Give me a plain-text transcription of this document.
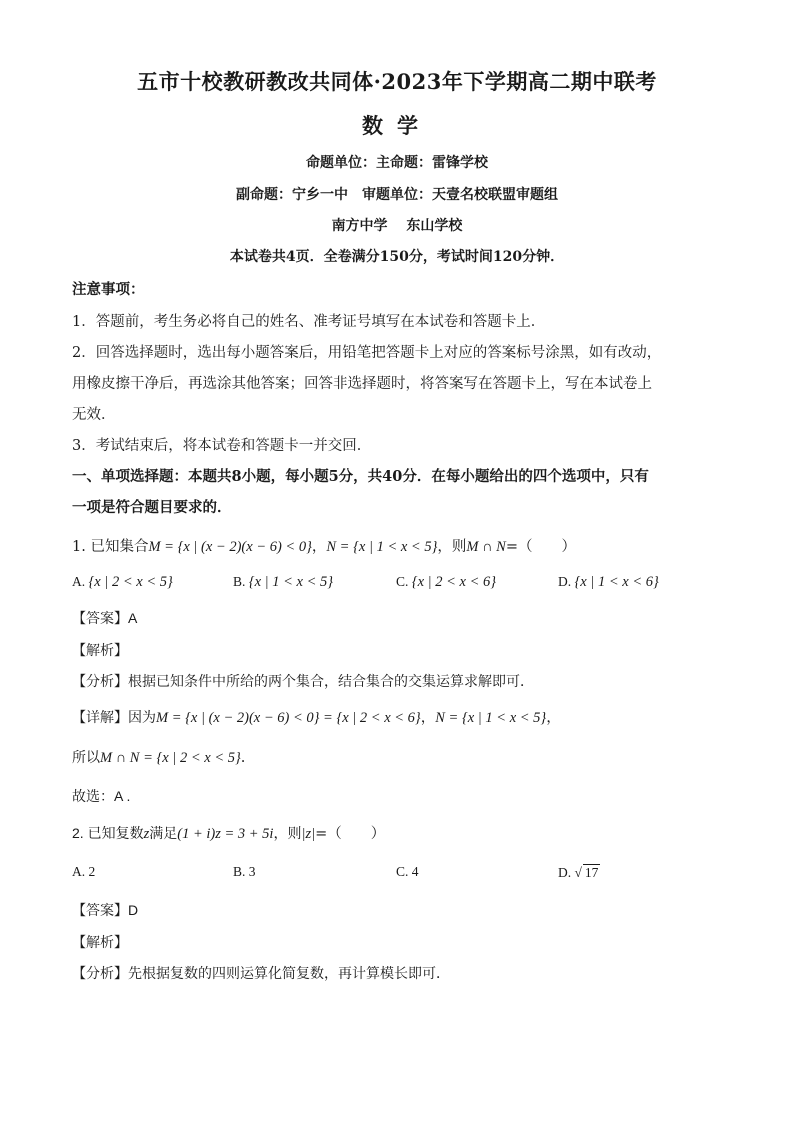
五市十校教研教改共同体·2023年下学期高二期中联考
数学
命题单位：主命题：雷锋学校
副命题：宁乡一中　审题单位：天壹名校联盟审题组
南方中学　 东山学校
本试卷共4页．全卷满分150分，考试时间120分钟．
注意事项：
1．答题前，考生务必将自己的姓名、准考证号填写在本试卷和答题卡上．
2．回答选择题时，选出每小题答案后，用铅笔把答题卡上对应的答案标号涂黑，如有改动，
用橡皮擦干净后，再选涂其他答案；回答非选择题时，将答案写在答题卡上，写在本试卷上
无效．
3．考试结束后，将本试卷和答题卡一并交回．
一、单项选择题：本题共8小题，每小题5分，共40分．在每小题给出的四个选项中，只有
一项是符合题目要求的．
1. 已知集合M = {x | (x − 2)(x − 6) < 0}，N = {x | 1 < x < 5}，则M ∩ N=（　　）
A. {x | 2 < x < 5}	B. {x | 1 < x < 5}	C. {x | 2 < x < 6}	D. {x | 1 < x < 6}
【答案】A
【解析】
【分析】根据已知条件中所给的两个集合，结合集合的交集运算求解即可．
【详解】因为M = {x | (x − 2)(x − 6) < 0} = {x | 2 < x < 6}，N = {x | 1 < x < 5}，
所以M ∩ N = {x | 2 < x < 5}.
故选：A .
2. 已知复数z满足(1 + i)z = 3 + 5i，则|z|=（　　）
A. 2	B. 3	C. 4	D. √ 17
【答案】D
【解析】
【分析】先根据复数的四则运算化简复数，再计算模长即可．
